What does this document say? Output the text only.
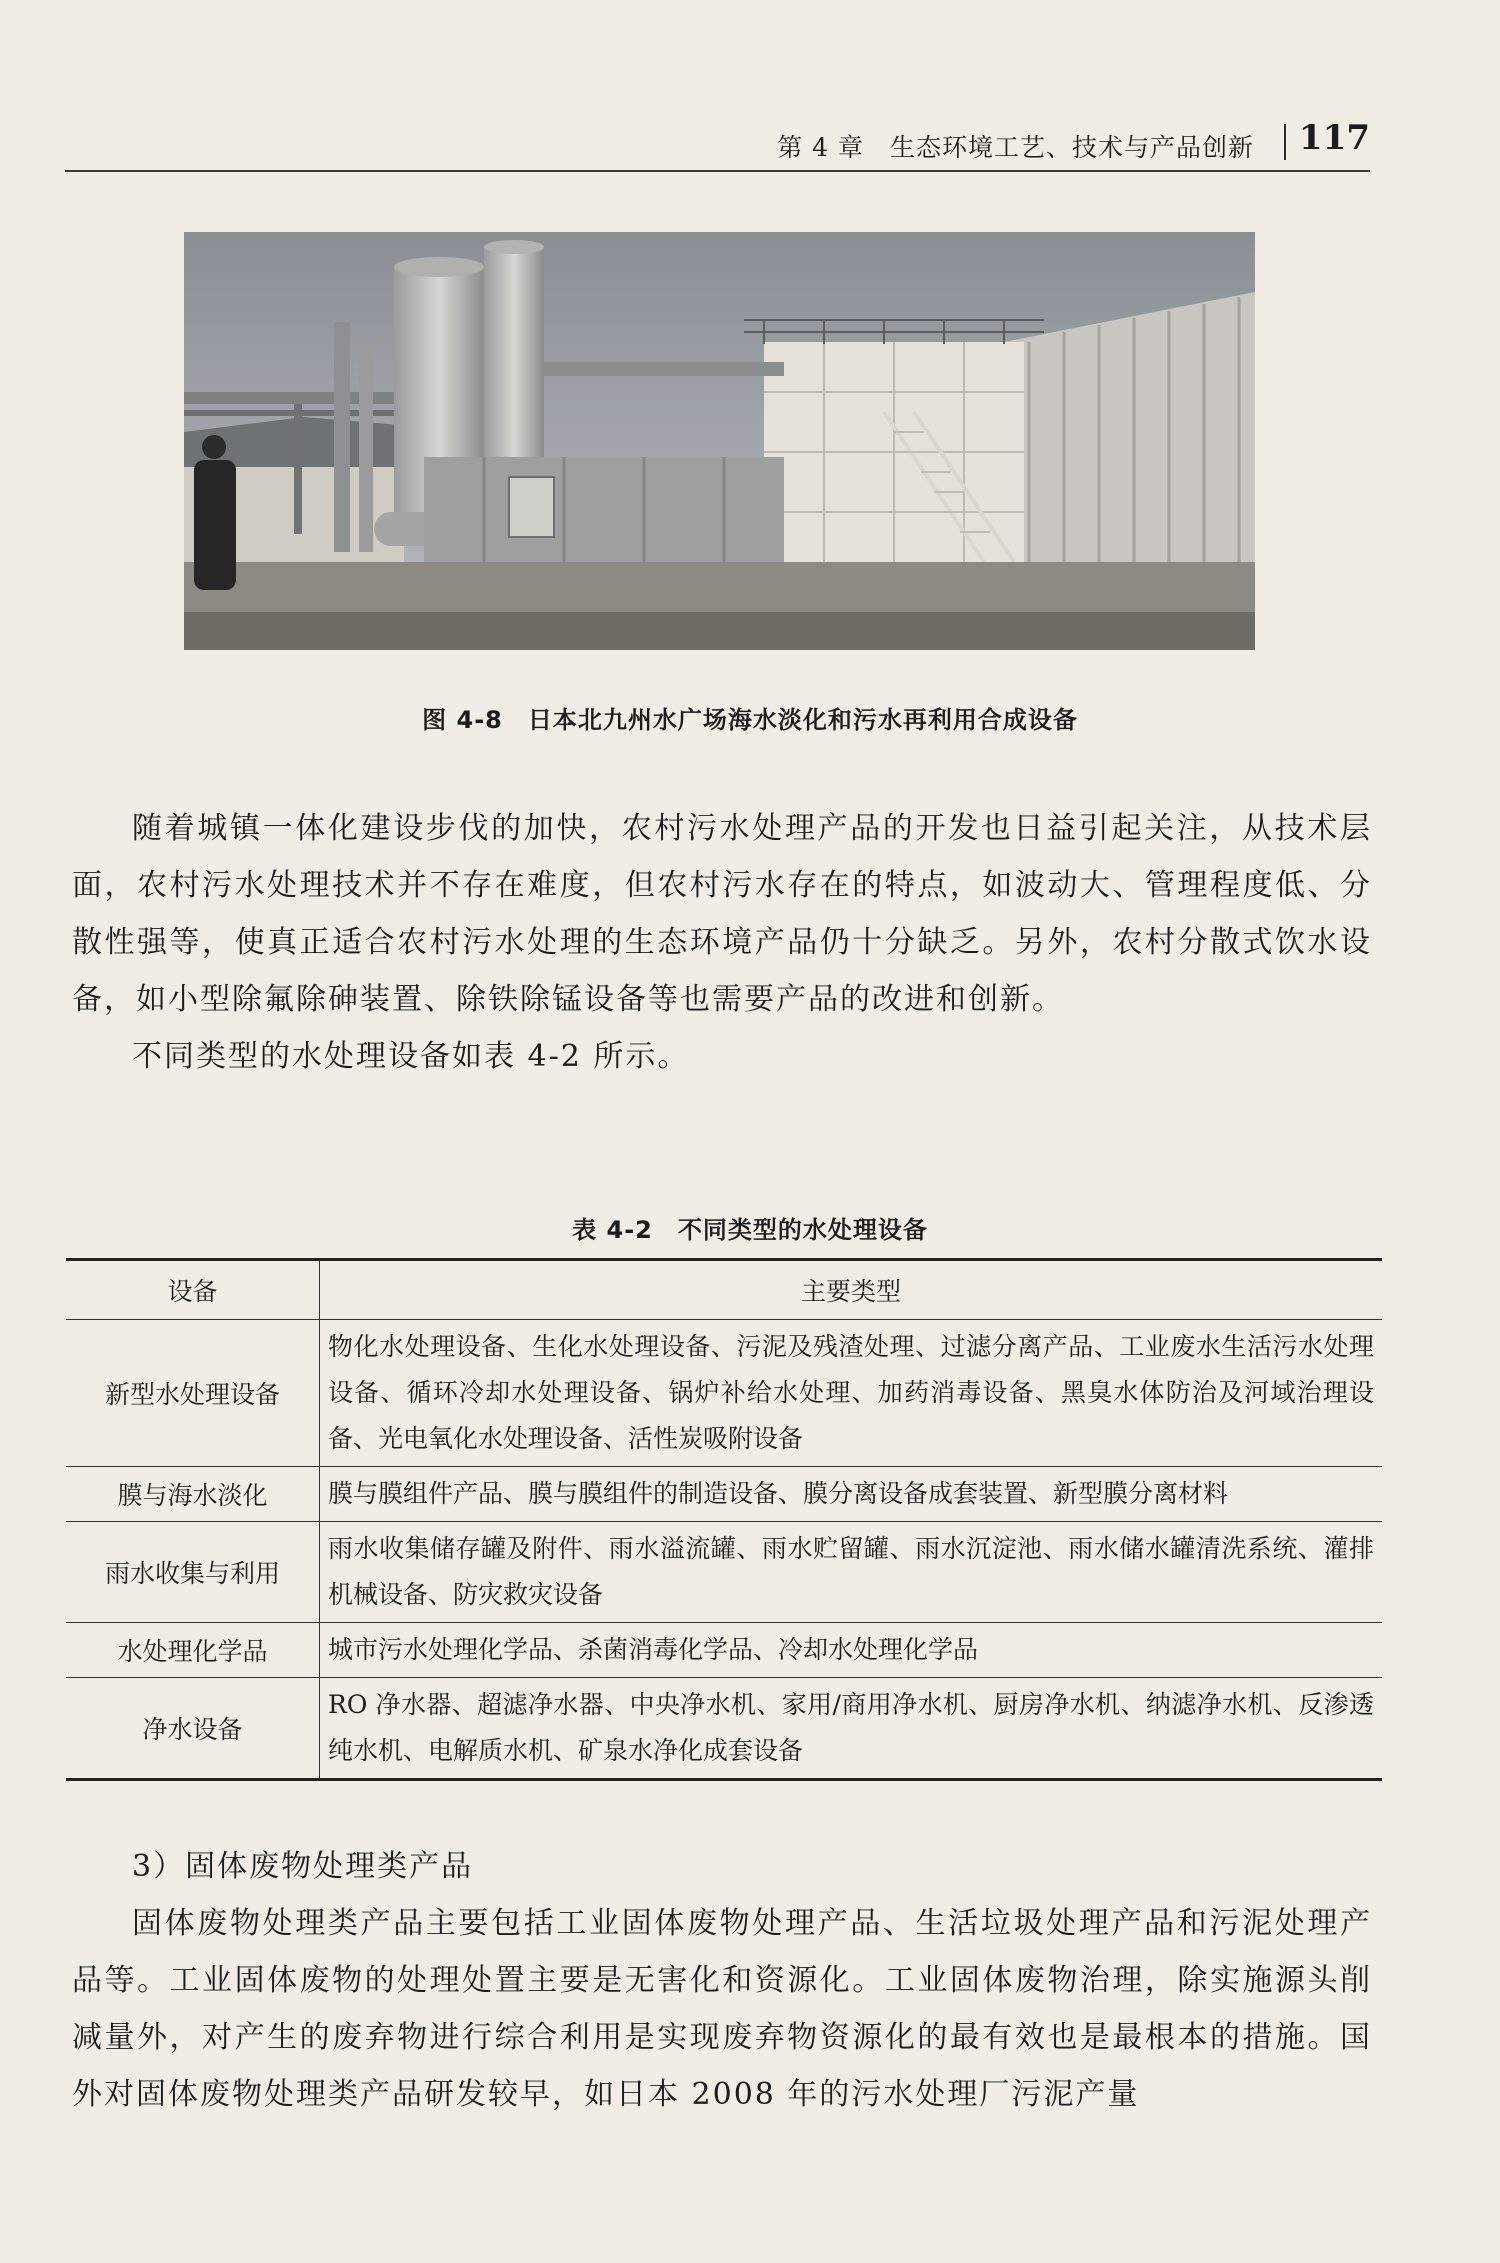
第 4 章　生态环境工艺、技术与产品创新 117
图 4-8　日本北九州水广场海水淡化和污水再利用合成设备

随着城镇一体化建设步伐的加快，农村污水处理产品的开发也日益引起关注，从技术层面，农村污水处理技术并不存在难度，但农村污水存在的特点，如波动大、管理程度低、分散性强等，使真正适合农村污水处理的生态环境产品仍十分缺乏。另外，农村分散式饮水设备，如小型除氟除砷装置、除铁除锰设备等也需要产品的改进和创新。

不同类型的水处理设备如表 4-2 所示。

表 4-2　不同类型的水处理设备
设备	主要类型
新型水处理设备	物化水处理设备、生化水处理设备、污泥及残渣处理、过滤分离产品、工业废水生活污水处理设备、循环冷却水处理设备、锅炉补给水处理、加药消毒设备、黑臭水体防治及河域治理设备、光电氧化水处理设备、活性炭吸附设备
膜与海水淡化	膜与膜组件产品、膜与膜组件的制造设备、膜分离设备成套装置、新型膜分离材料
雨水收集与利用	雨水收集储存罐及附件、雨水溢流罐、雨水贮留罐、雨水沉淀池、雨水储水罐清洗系统、灌排机械设备、防灾救灾设备
水处理化学品	城市污水处理化学品、杀菌消毒化学品、冷却水处理化学品
净水设备	RO 净水器、超滤净水器、中央净水机、家用/商用净水机、厨房净水机、纳滤净水机、反渗透纯水机、电解质水机、矿泉水净化成套设备

3）固体废物处理类产品

固体废物处理类产品主要包括工业固体废物处理产品、生活垃圾处理产品和污泥处理产品等。工业固体废物的处理处置主要是无害化和资源化。工业固体废物治理，除实施源头削减量外，对产生的废弃物进行综合利用是实现废弃物资源化的最有效也是最根本的措施。国外对固体废物处理类产品研发较早，如日本 2008 年的污水处理厂污泥产量
